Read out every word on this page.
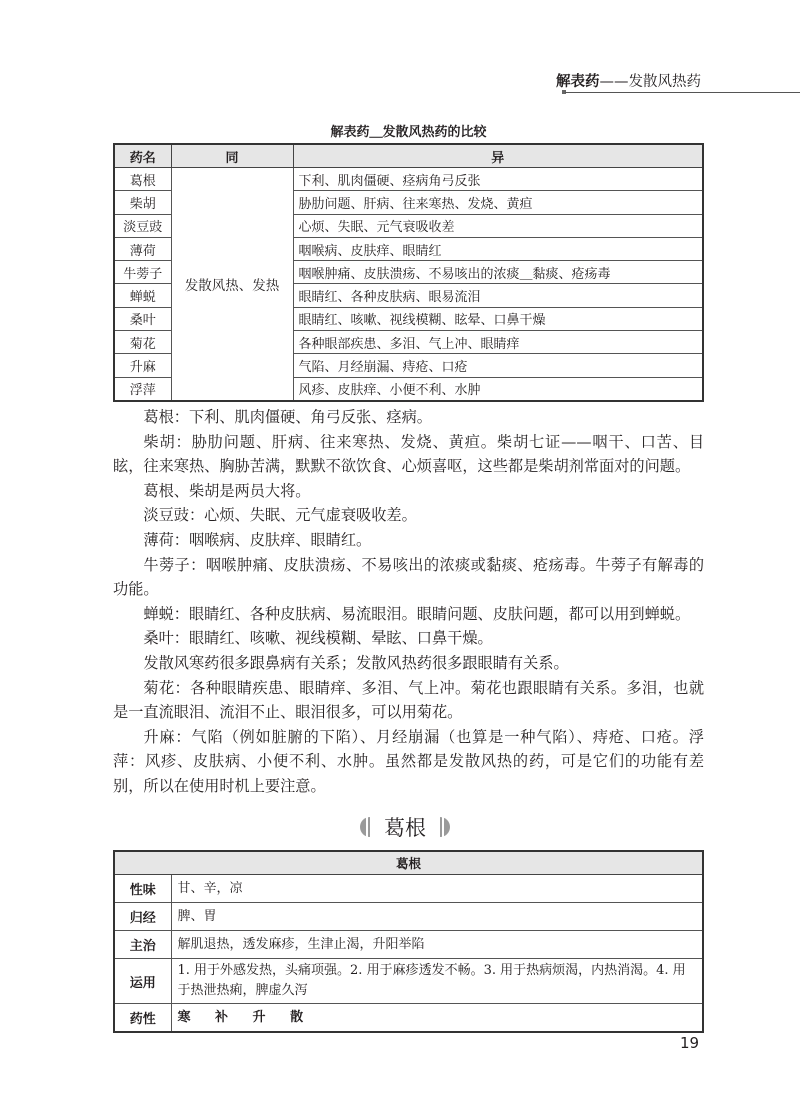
解表药——发散风热药
解表药＿发散风热药的比较
药名	同	异
葛根	发散风热、发热	下利、肌肉僵硬、痉病角弓反张
柴胡		胁肋问题、肝病、往来寒热、发烧、黄疸
淡豆豉		心烦、失眠、元气衰吸收差
薄荷		咽喉病、皮肤痒、眼睛红
牛蒡子		咽喉肿痛、皮肤溃疡、不易咳出的浓痰＿黏痰、疮疡毒
蝉蜕		眼睛红、各种皮肤病、眼易流泪
桑叶		眼睛红、咳嗽、视线模糊、眩晕、口鼻干燥
菊花		各种眼部疾患、多泪、气上冲、眼睛痒
升麻		气陷、月经崩漏、痔疮、口疮
浮萍		风疹、皮肤痒、小便不利、水肿

葛根：下利、肌肉僵硬、角弓反张、痉病。

柴胡：胁肋问题、肝病、往来寒热、发烧、黄疸。柴胡七证——咽干、口苦、目眩，往来寒热、胸胁苦满，默默不欲饮食、心烦喜呕，这些都是柴胡剂常面对的问题。

葛根、柴胡是两员大将。

淡豆豉：心烦、失眠、元气虚衰吸收差。

薄荷：咽喉病、皮肤痒、眼睛红。

牛蒡子：咽喉肿痛、皮肤溃疡、不易咳出的浓痰或黏痰、疮疡毒。牛蒡子有解毒的功能。

蝉蜕：眼睛红、各种皮肤病、易流眼泪。眼睛问题、皮肤问题，都可以用到蝉蜕。

桑叶：眼睛红、咳嗽、视线模糊、晕眩、口鼻干燥。

发散风寒药很多跟鼻病有关系；发散风热药很多跟眼睛有关系。

菊花：各种眼睛疾患、眼睛痒、多泪、气上冲。菊花也跟眼睛有关系。多泪，也就是一直流眼泪、流泪不止、眼泪很多，可以用菊花。

升麻：气陷（例如脏腑的下陷）、月经崩漏（也算是一种气陷）、痔疮、口疮。浮萍：风疹、皮肤病、小便不利、水肿。虽然都是发散风热的药，可是它们的功能有差别，所以在使用时机上要注意。

葛根
葛根	
性味	甘、辛，凉
归经	脾、胃
主治	解肌退热，透发麻疹，生津止渴，升阳举陷
运用	1. 用于外感发热，头痛项强。2. 用于麻疹透发不畅。3. 用于热病烦渴，内热消渴。4. 用于热泄热痢，脾虚久泻
药性	寒 补 升 散
19
